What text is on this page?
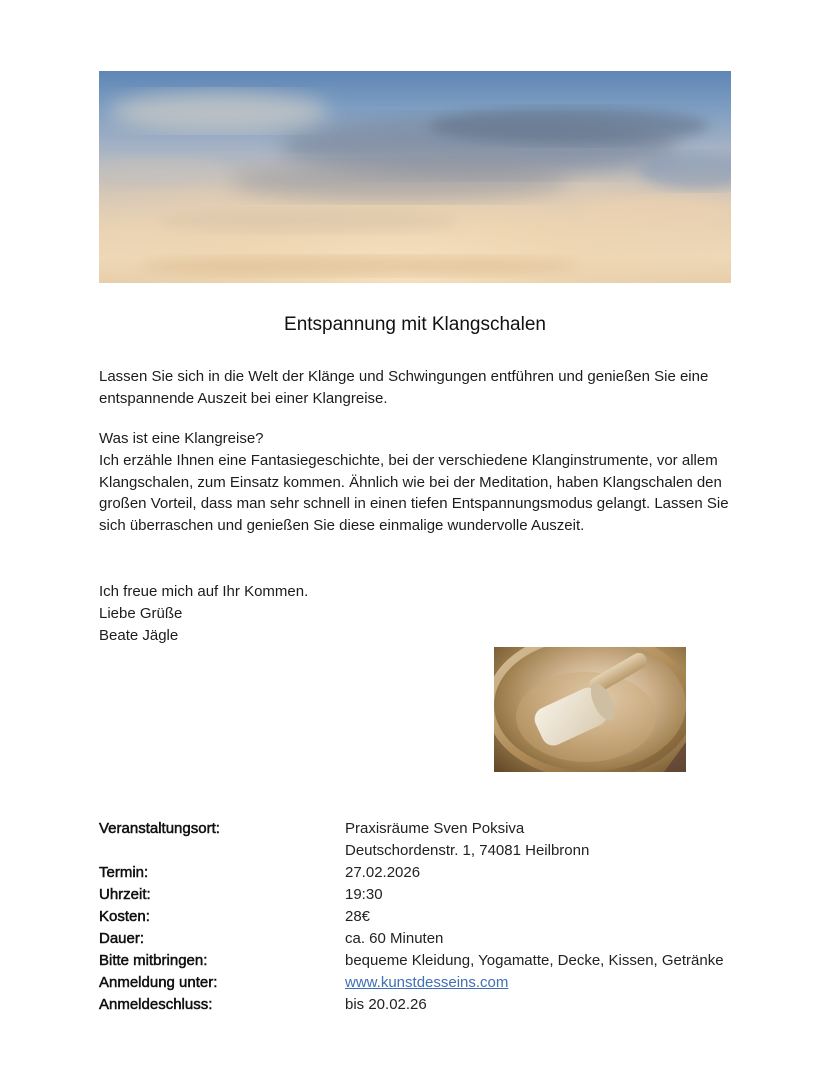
Entspannung mit Klangschalen

Lassen Sie sich in die Welt der Klänge und Schwingungen entführen und genießen Sie eine entspannende Auszeit bei einer Klangreise.

Was ist eine Klangreise?

Ich erzähle Ihnen eine Fantasiegeschichte, bei der verschiedene Klanginstrumente, vor allem Klangschalen, zum Einsatz kommen. Ähnlich wie bei der Meditation, haben Klangschalen den großen Vorteil, dass man sehr schnell in einen tiefen Entspannungsmodus gelangt. Lassen Sie sich überraschen und genießen Sie diese einmalige wundervolle Auszeit.

Ich freue mich auf Ihr Kommen.

Liebe Grüße

Beate Jägle

Veranstaltungsort:	Praxisräume Sven Poksiva
Deutschordenstr. 1, 74081 Heilbronn
Termin:	27.02.2026
Uhrzeit:	19:30
Kosten:	28€
Dauer:	ca. 60 Minuten
Bitte mitbringen:	bequeme Kleidung, Yogamatte, Decke, Kissen, Getränke
Anmeldung unter:	www.kunstdesseins.com
Anmeldeschluss:	bis 20.02.26
